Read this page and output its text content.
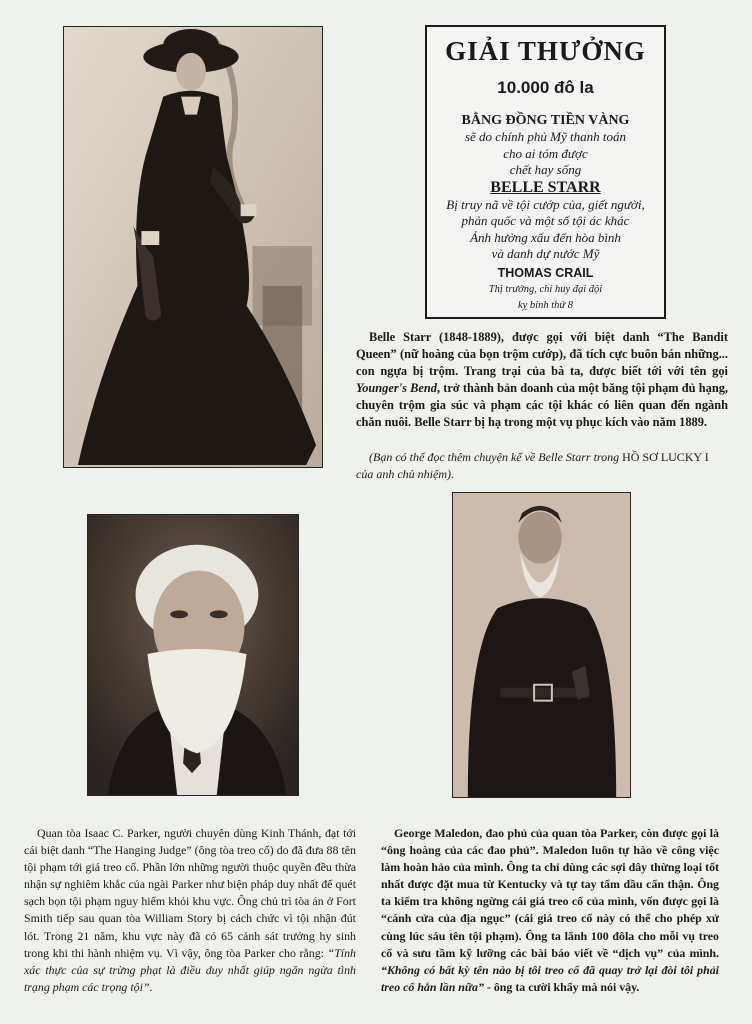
GIẢI THƯỞNG
10.000 đô la
BẰNG ĐỒNG TIỀN VÀNG
sẽ do chính phủ Mỹ thanh toán
cho ai tóm được
chết hay sống
BELLE STARR
Bị truy nã về tội cướp của, giết người,
phản quốc và một số tội ác khác
Ảnh hưởng xấu đến hòa bình
và danh dự nước Mỹ
THOMAS CRAIL
Thị trưởng, chỉ huy đại đội
kỵ binh thứ 8
Belle Starr (1848-1889), được gọi với biệt danh “The Bandit Queen” (nữ hoàng của bọn trộm cướp), đã tích cực buôn bán những... con ngựa bị trộm. Trang trại của bà ta, được biết tới với tên gọi Younger's Bend, trở thành bản doanh của một băng tội phạm đủ hạng, chuyên trộm gia súc và phạm các tội khác có liên quan đến ngành chăn nuôi. Belle Starr bị hạ trong một vụ phục kích vào năm 1889.
(Bạn có thể đọc thêm chuyện kể về Belle Starr trong HỒ SƠ LUCKY I của anh chủ nhiệm).
Quan tòa Isaac C. Parker, người chuyên dùng Kinh Thánh, đạt tới cái biệt danh “The Hanging Judge” (ông tòa treo cổ) do đã đưa 88 tên tội phạm tới giá treo cổ. Phần lớn những người thuộc quyền đều thừa nhận sự nghiêm khắc của ngài Parker như biện pháp duy nhất để quét sạch bọn tội phạm nguy hiểm khỏi khu vực. Ông chủ trì tòa án ở Fort Smith tiếp sau quan tòa William Story bị cách chức vì tội nhận đút lót. Trong 21 năm, khu vực này đã có 65 cảnh sát trưởng hy sinh trong khi thi hành nhiệm vụ. Vì vậy, ông tòa Parker cho rằng: “Tính xác thực của sự trừng phạt là điều duy nhất giúp ngăn ngừa tình trạng phạm các trọng tội”.
George Maledon, đao phủ của quan tòa Parker, còn được gọi là “ông hoàng của các đao phủ”. Maledon luôn tự hào về công việc làm hoàn hảo của mình. Ông ta chỉ dùng các sợi dây thừng loại tốt nhất được đặt mua từ Kentucky và tự tay tẩm dầu cẩn thận. Ông ta kiểm tra không ngừng cái giá treo cổ của mình, vốn được gọi là “cánh cửa của địa ngục” (cái giá treo cổ này có thể cho phép xử cùng lúc sáu tên tội phạm). Ông ta lãnh 100 đôla cho mỗi vụ treo cổ và sưu tầm kỹ lưỡng các bài báo viết về “dịch vụ” của mình. “Không có bất kỳ tên nào bị tôi treo cổ đã quay trở lại đòi tôi phải treo cổ hắn lần nữa” - ông ta cười khẩy mà nói vậy.
